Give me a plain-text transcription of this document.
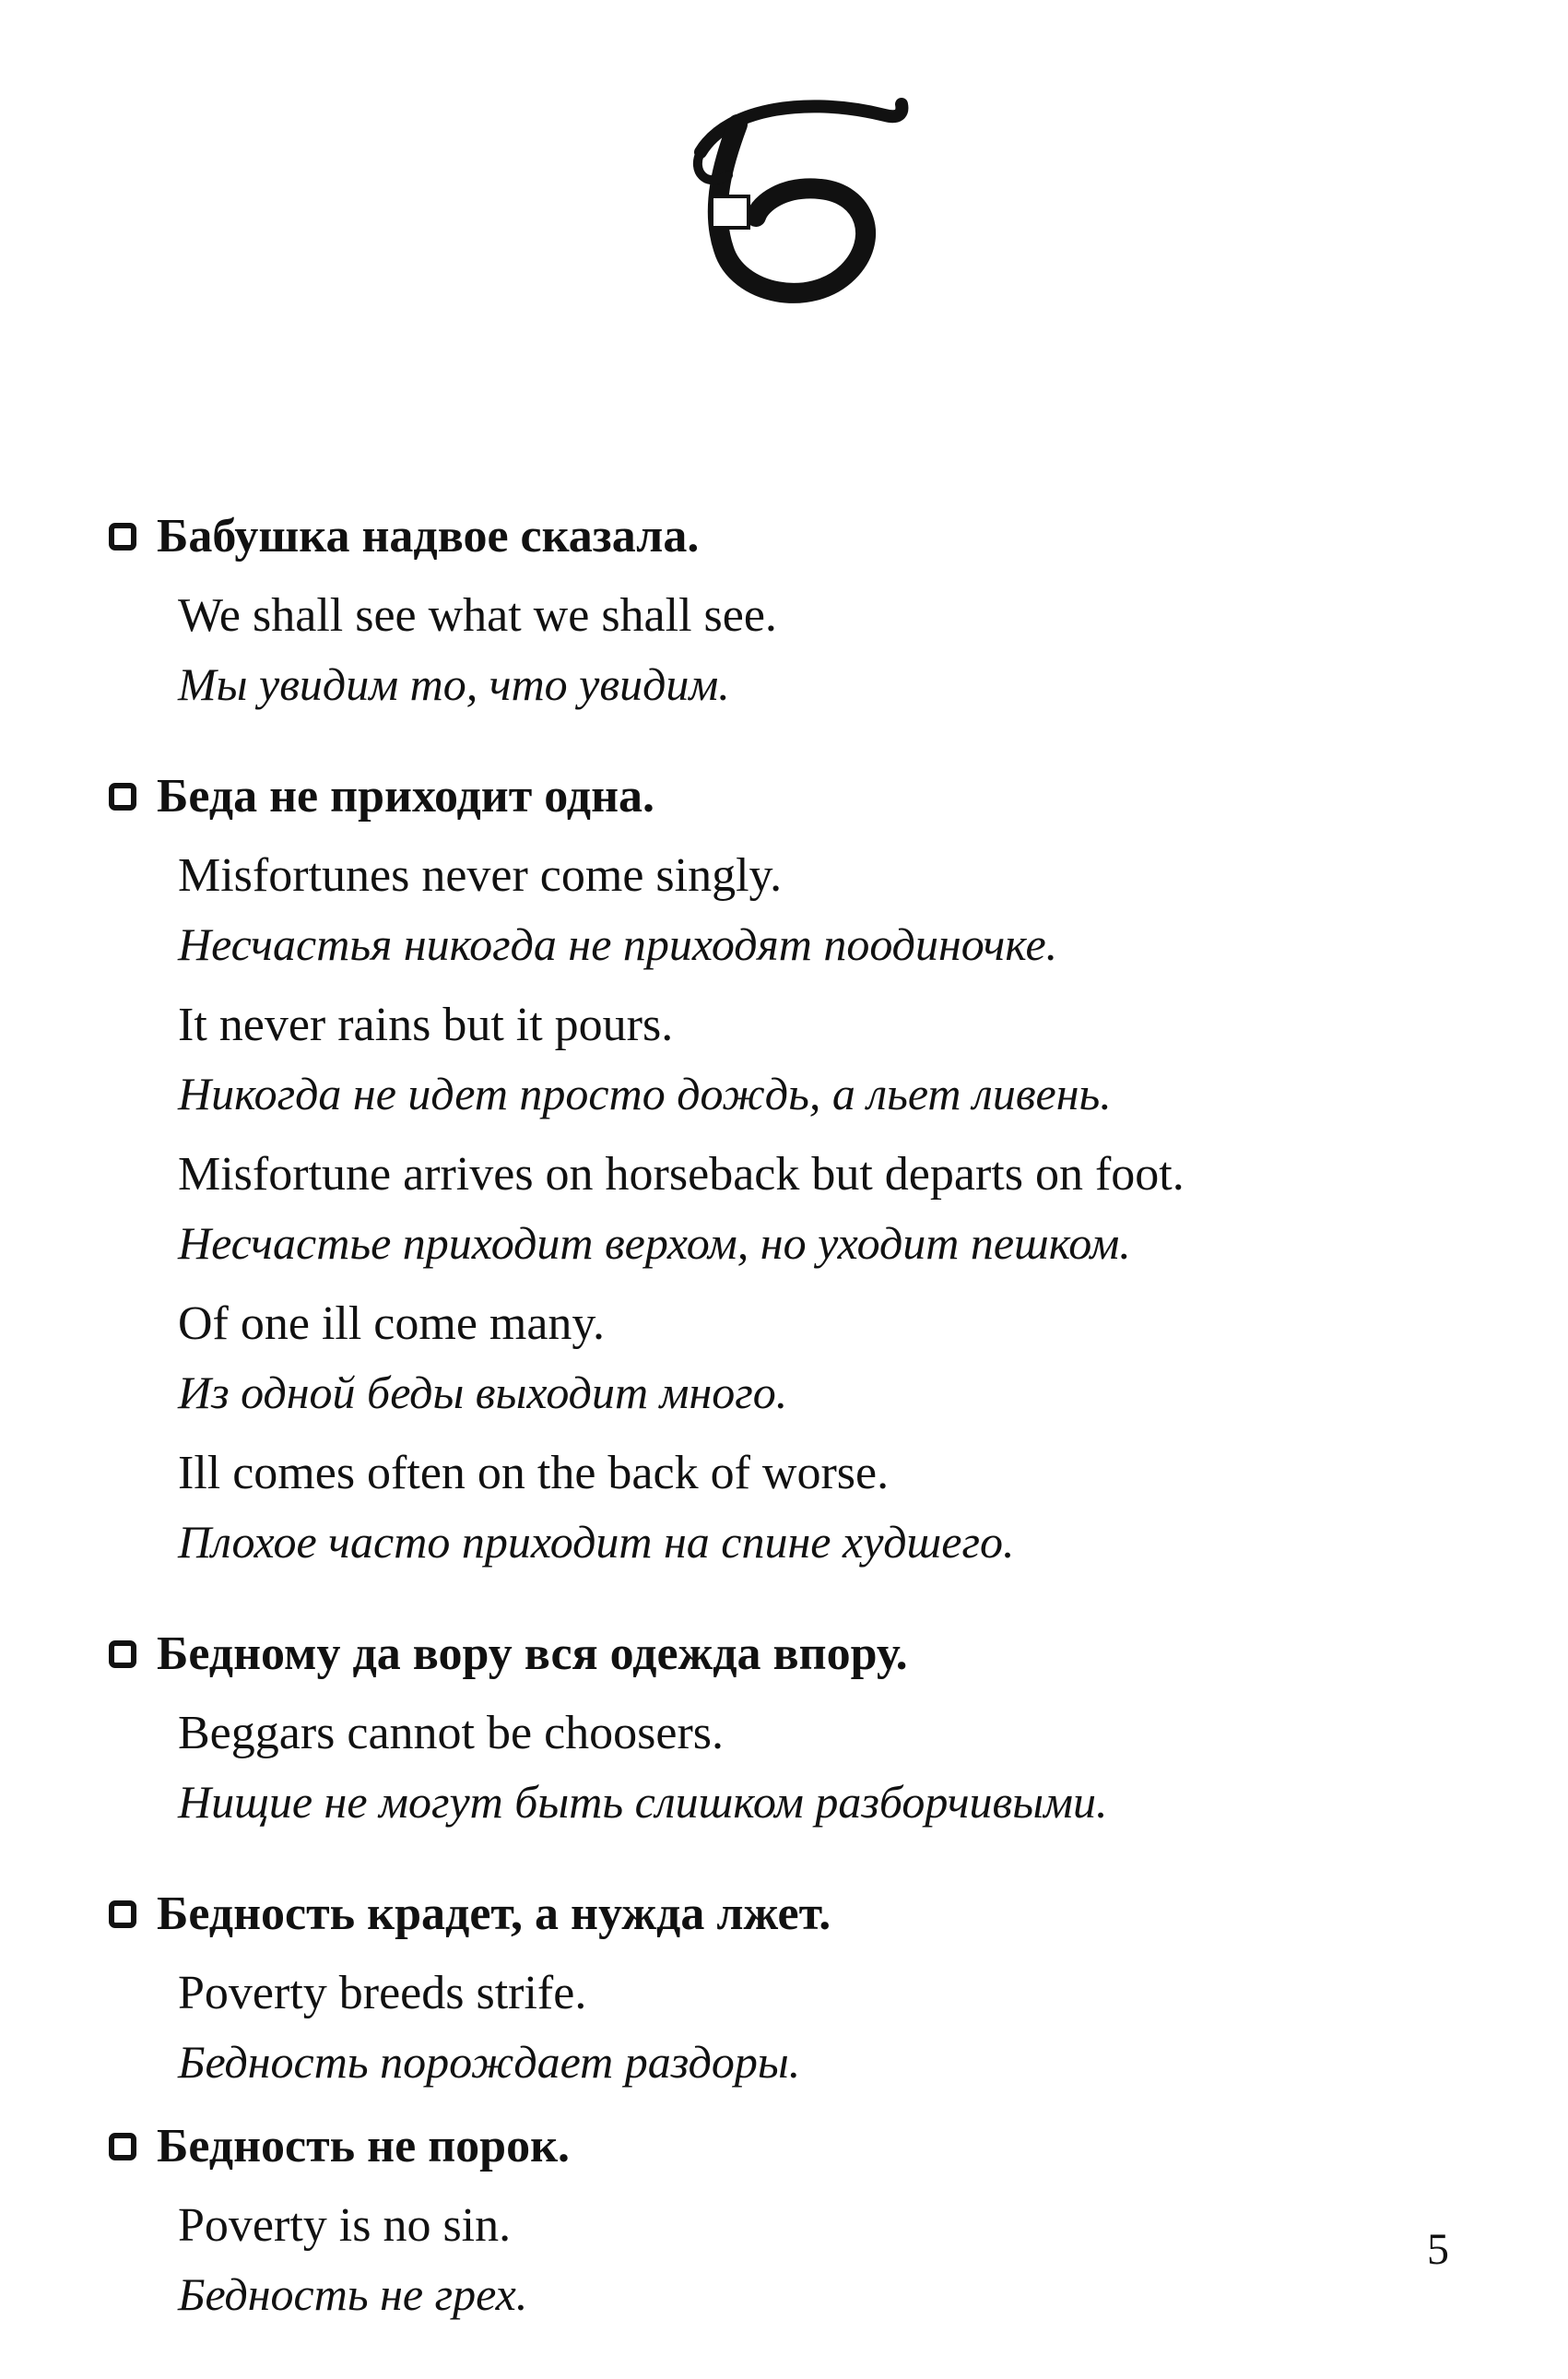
Бабушка надвое сказала.
We shall see what we shall see.
Мы увидим то, что увидим.
Беда не приходит одна.
Misfortunes never come singly.
Несчастья никогда не приходят поодиночке.
It never rains but it pours.
Никогда не идет просто дождь, а льет ливень.
Misfortune arrives on horseback but departs on foot.
Несчастье приходит верхом, но уходит пешком.
Of one ill come many.
Из одной беды выходит много.
Ill comes often on the back of worse.
Плохое часто приходит на спине худшего.
Бедному да вору вся одежда впору.
Beggars cannot be choosers.
Нищие не могут быть слишком разборчивыми.
Бедность крадет, а нужда лжет.
Poverty breeds strife.
Бедность порождает раздоры.
Бедность не порок.
Poverty is no sin.
Бедность не грех.
5
